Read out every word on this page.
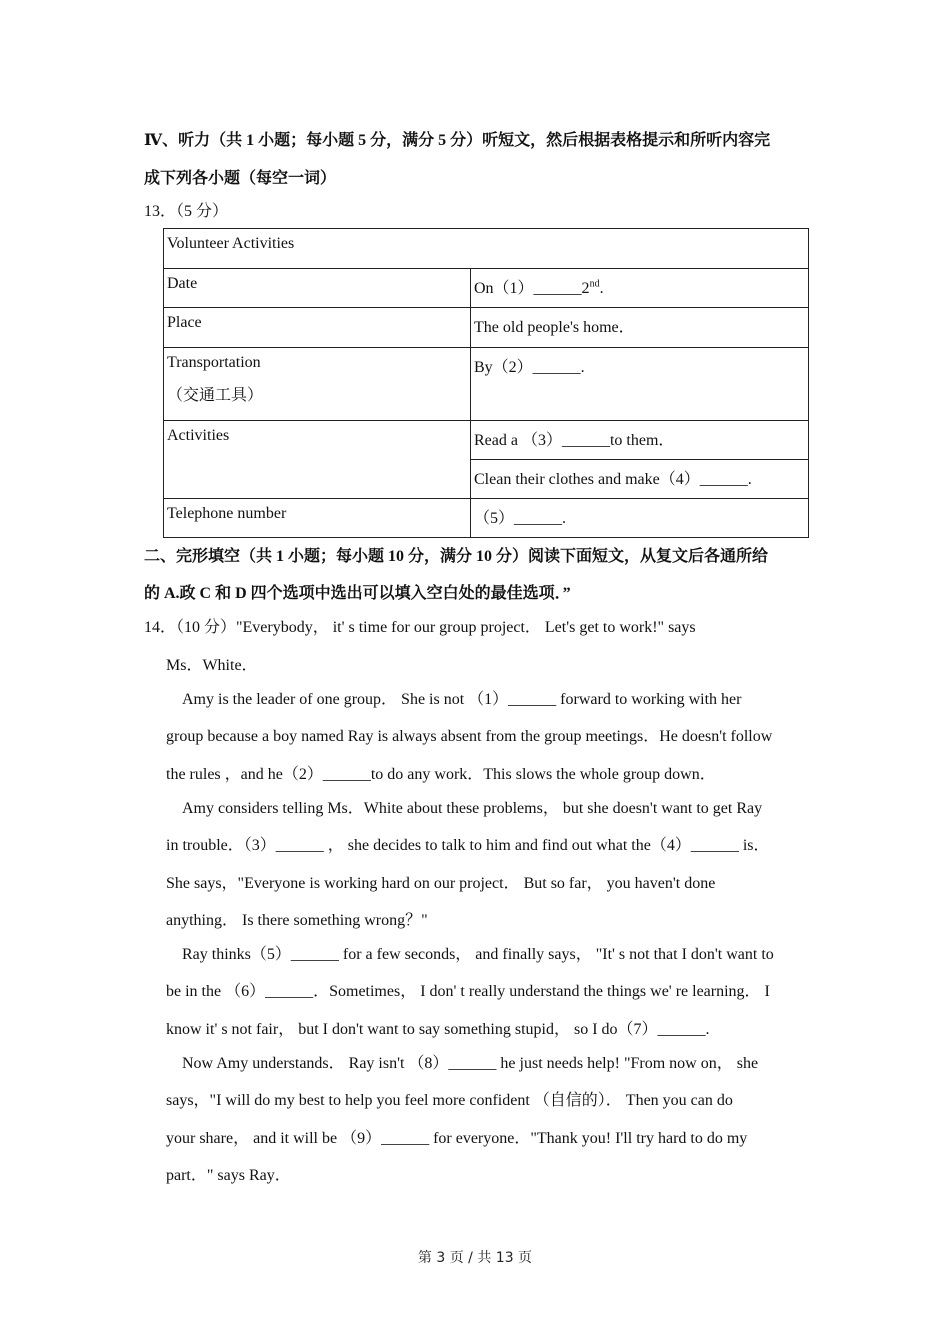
Ⅳ、听力（共 1 小题；每小题 5 分，满分 5 分）听短文，然后根据表格提示和所听内容完
成下列各小题（每空一词）
13．（5 分）
Volunteer Activities	
Date	On（1）______2nd.
Place	The old people's home．

Transportation
（交通工具）	By（2）______.
Activities	Read a （3）______to them．
	Clean their clothes and make（4）______.
Telephone number	（5）______.
二、完形填空（共 1 小题；每小题 10 分，满分 10 分）阅读下面短文，从复文后各通所给
的 A.政 C 和 D 四个选项中选出可以填入空白处的最佳选项．”
14．（10 分）"Everybody， it' s time for our group project． Let's get to work!" says
Ms．White．
Amy is the leader of one group． She is not （1）______ forward to working with her
group because a boy named Ray is always absent from the group meetings．He doesn't follow
the rules ，and he（2）______to do any work．This slows the whole group down．
Amy considers telling Ms．White about these problems， but she doesn't want to get Ray
in trouble．（3）______ ， she decides to talk to him and find out what the（4）______ is．
She says，"Everyone is working hard on our project． But so far， you haven't done
anything． Is there something wrong？"
Ray thinks（5）______ for a few seconds， and finally says， "It' s not that I don't want to
be in the （6）______．Sometimes， I don' t really understand the things we' re learning． I
know it' s not fair， but I don't want to say something stupid， so I do（7）______.
Now Amy understands． Ray isn't （8）______ he just needs help! "From now on， she
says，"I will do my best to help you feel more confident （自信的）． Then you can do
your share， and it will be （9）______ for everyone．"Thank you! I'll try hard to do my
part．" says Ray．
第 3 页 / 共 13 页
